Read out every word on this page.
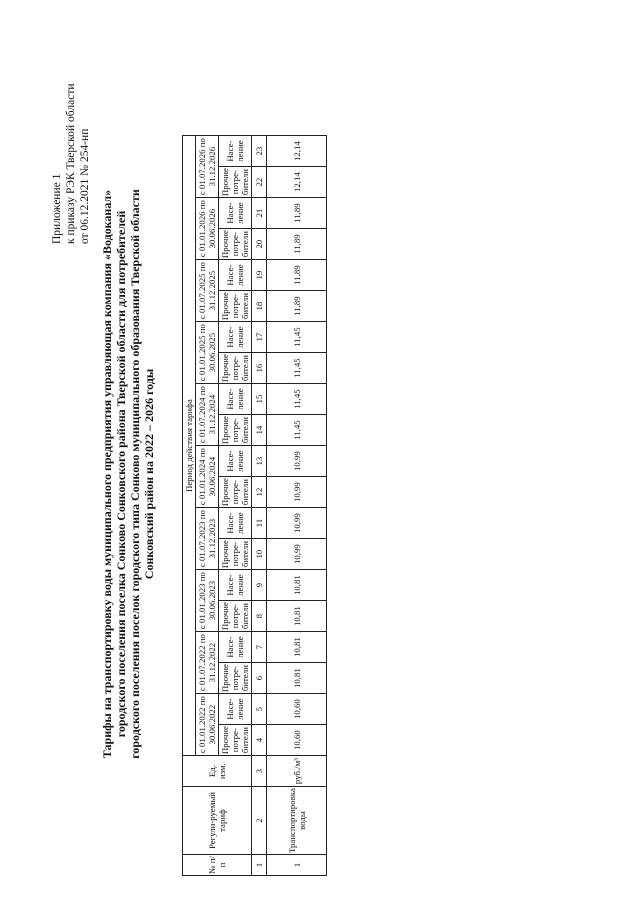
Приложение 1 к приказу РЭК Тверской области от 06.12.2021 № 254-нп
Тарифы на транспортировку воды муниципального предприятия управляющая компания «Водоканал» городского поселения поселка Сонково Сонковского района Тверской области для потребителей городского поселения поселок городского типа Сонково муниципального образования Тверской области Сонковский район на 2022 – 2026 годы
№ п/п	Регули-руемый тариф	Ед. изм.	Период действия тарифа																			
			с 01.01.2022 по 30.06.2022		с 01.07.2022 по 31.12.2022		с 01.01.2023 по 30.06.2023		с 01.07.2023 по 31.12.2023		с 01.01.2024 по 30.06.2024		с 01.07.2024 по 31.12.2024		с 01.01.2025 по 30.06.2025		с 01.07.2025 по 31.12.2025		с 01.01.2026 по 30.06.2026		с 01.07.2026 по 31.12.2026	
			Прочие потре-бители	Насе-ление	Прочие потре-бители	Насе-ление	Прочие потре-бители	Насе-ление	Прочие потре-бители	Насе-ление	Прочие потре-бители	Насе-ление	Прочие потре-бители	Насе-ление	Прочие потре-бители	Насе-ление	Прочие потре-бители	Насе-ление	Прочие потре-бители	Насе-ление	Прочие потре-бители	Насе-ление
1	2	3	4	5	6	7	8	9	10	11	12	13	14	15	16	17	18	19	20	21	22	23
1	Транспортировка воды	руб./м³	10,60	10,60	10,81	10,81	10,81	10,81	10,99	10,99	10,99	10,99	11,45	11,45	11,45	11,45	11,89	11,89	11,89	11,89	12,14	12,14
